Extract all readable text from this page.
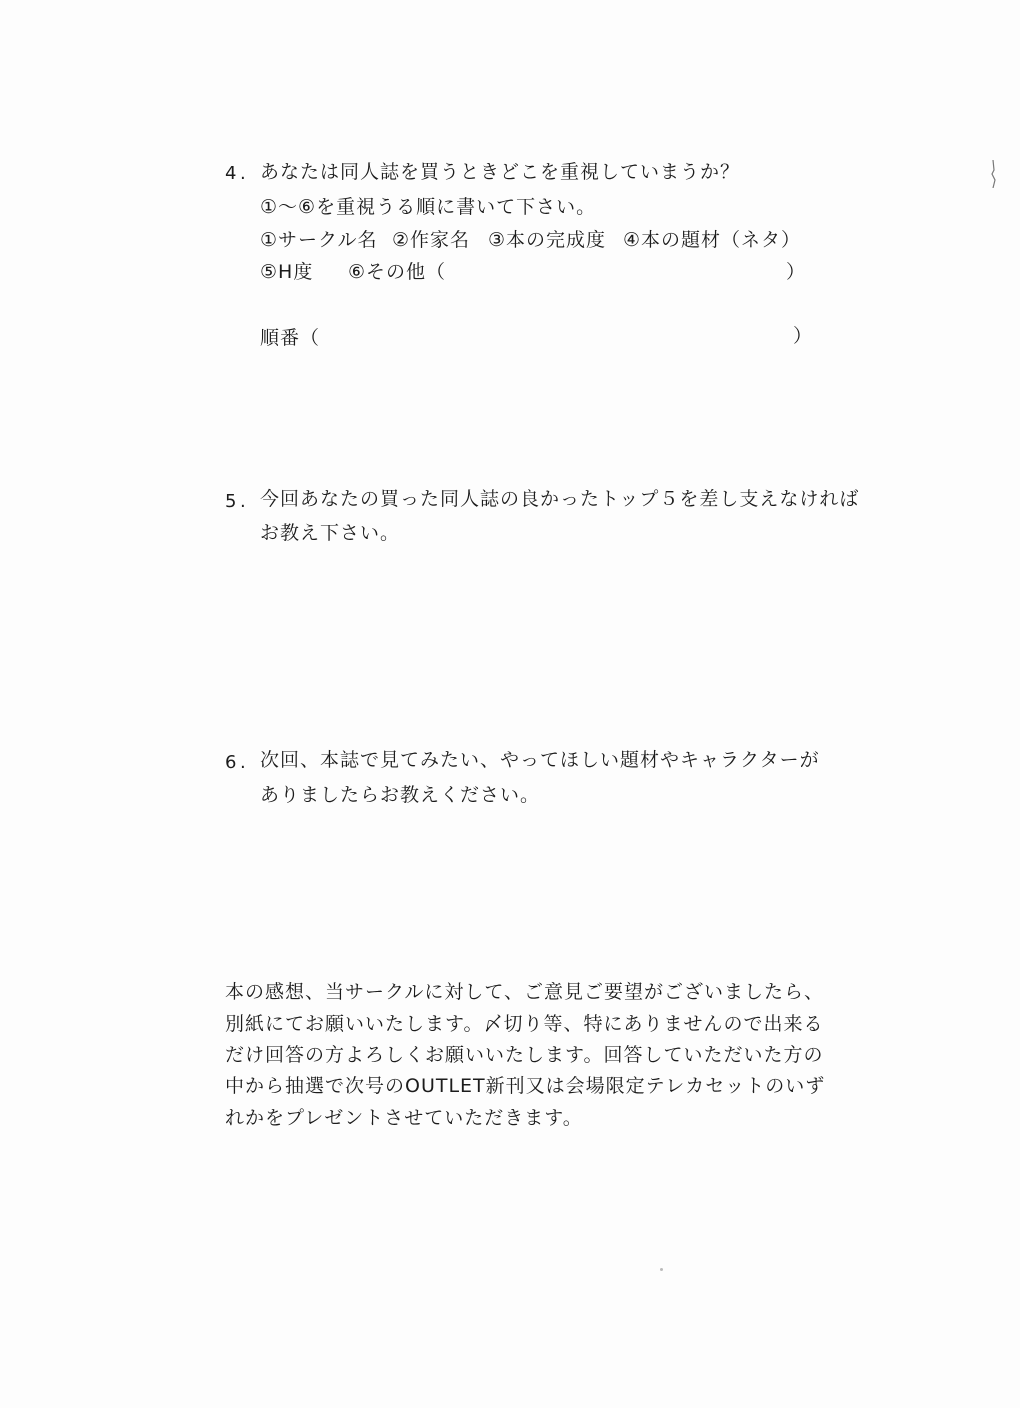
4 . あなたは同人誌を買うときどこを重視していまうか？
①〜⑥を重視うる順に書いて下さい。
①サークル名 ②作家名 ③本の完成度 ④本の題材（ネタ）
⑤H度 ⑥その他（	）
順番（	）
5 . 今回あなたの買った同人誌の良かったトップ５を差し支えなければ
お教え下さい。
6 . 次回、本誌で見てみたい、やってほしい題材やキャラクターが
ありましたらお教えください。
本の感想、当サークルに対して、ご意見ご要望がございましたら、
別紙にてお願いいたします。〆切り等、特にありませんので出来る
だけ回答の方よろしくお願いいたします。回答していただいた方の
中から抽選で次号のOUTLET新刊又は会場限定テレカセットのいず
れかをプレゼントさせていただきます。
